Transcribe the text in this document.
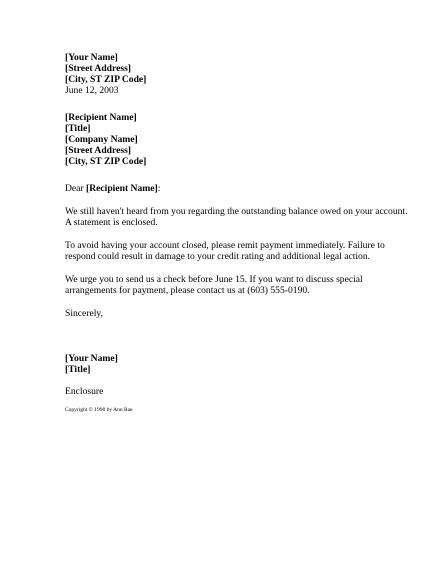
[Your Name]
[Street Address]
[City, ST ZIP Code]
June 12, 2003
[Recipient Name]
[Title]
[Company Name]
[Street Address]
[City, ST ZIP Code]
Dear [Recipient Name]:
We still haven't heard from you regarding the outstanding balance owed on your account.
A statement is enclosed.
To avoid having your account closed, please remit payment immediately. Failure to
respond could result in damage to your credit rating and additional legal action.
We urge you to send us a check before June 15. If you want to discuss special
arrangements for payment, please contact us at (603) 555-0190.
Sincerely,
[Your Name]
[Title]
Enclosure
Copyright © 1998 by Ann Rae
